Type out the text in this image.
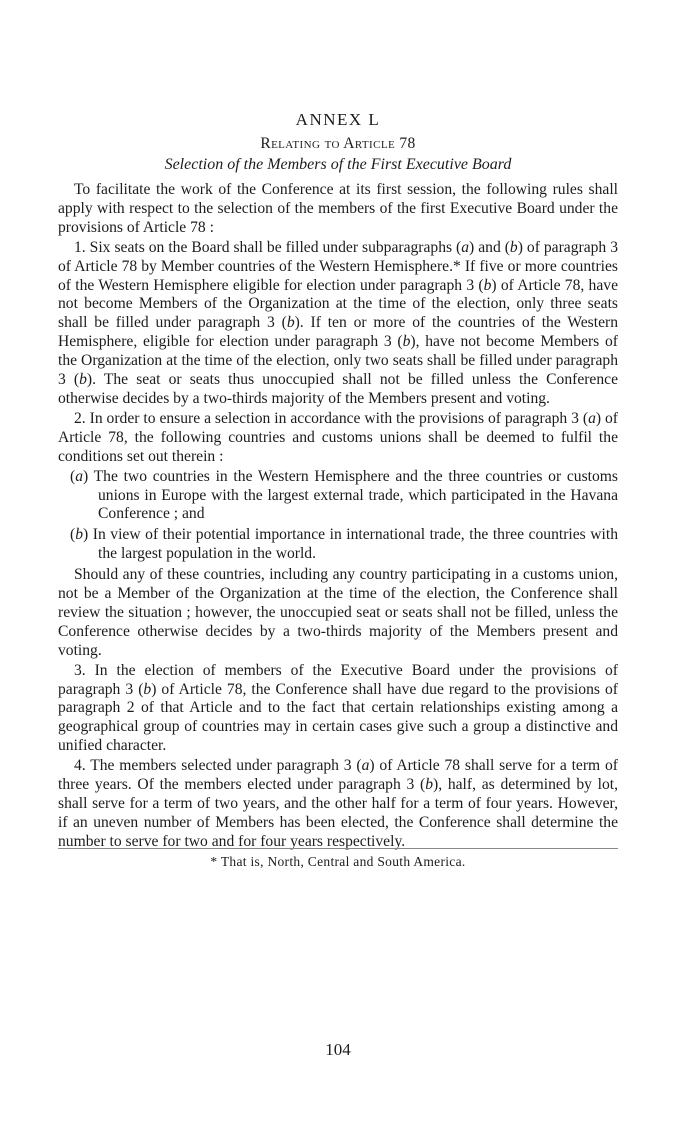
ANNEX L
Relating to Article 78
Selection of the Members of the First Executive Board

To facilitate the work of the Conference at its first session, the following rules shall apply with respect to the selection of the members of the first Executive Board under the provisions of Article 78 :

1. Six seats on the Board shall be filled under subparagraphs (a) and (b) of paragraph 3 of Article 78 by Member countries of the Western Hemisphere.* If five or more countries of the Western Hemisphere eligible for election under paragraph 3 (b) of Article 78, have not become Members of the Organization at the time of the election, only three seats shall be filled under paragraph 3 (b). If ten or more of the countries of the Western Hemisphere, eligible for election under paragraph 3 (b), have not become Members of the Organization at the time of the election, only two seats shall be filled under paragraph 3 (b). The seat or seats thus unoccupied shall not be filled unless the Conference otherwise decides by a two-thirds majority of the Members present and voting.

2. In order to ensure a selection in accordance with the provisions of paragraph 3 (a) of Article 78, the following countries and customs unions shall be deemed to fulfil the conditions set out therein :

(a) The two countries in the Western Hemisphere and the three countries or customs unions in Europe with the largest external trade, which participated in the Havana Conference ; and

(b) In view of their potential importance in international trade, the three countries with the largest population in the world.

Should any of these countries, including any country participating in a customs union, not be a Member of the Organization at the time of the election, the Conference shall review the situation ; however, the unoccupied seat or seats shall not be filled, unless the Conference otherwise decides by a two-thirds majority of the Members present and voting.

3. In the election of members of the Executive Board under the provisions of paragraph 3 (b) of Article 78, the Conference shall have due regard to the provisions of paragraph 2 of that Article and to the fact that certain relationships existing among a geographical group of countries may in certain cases give such a group a distinctive and unified character.

4. The members selected under paragraph 3 (a) of Article 78 shall serve for a term of three years. Of the members elected under paragraph 3 (b), half, as determined by lot, shall serve for a term of two years, and the other half for a term of four years. However, if an uneven number of Members has been elected, the Conference shall determine the number to serve for two and for four years respectively.

* That is, North, Central and South America.
104
